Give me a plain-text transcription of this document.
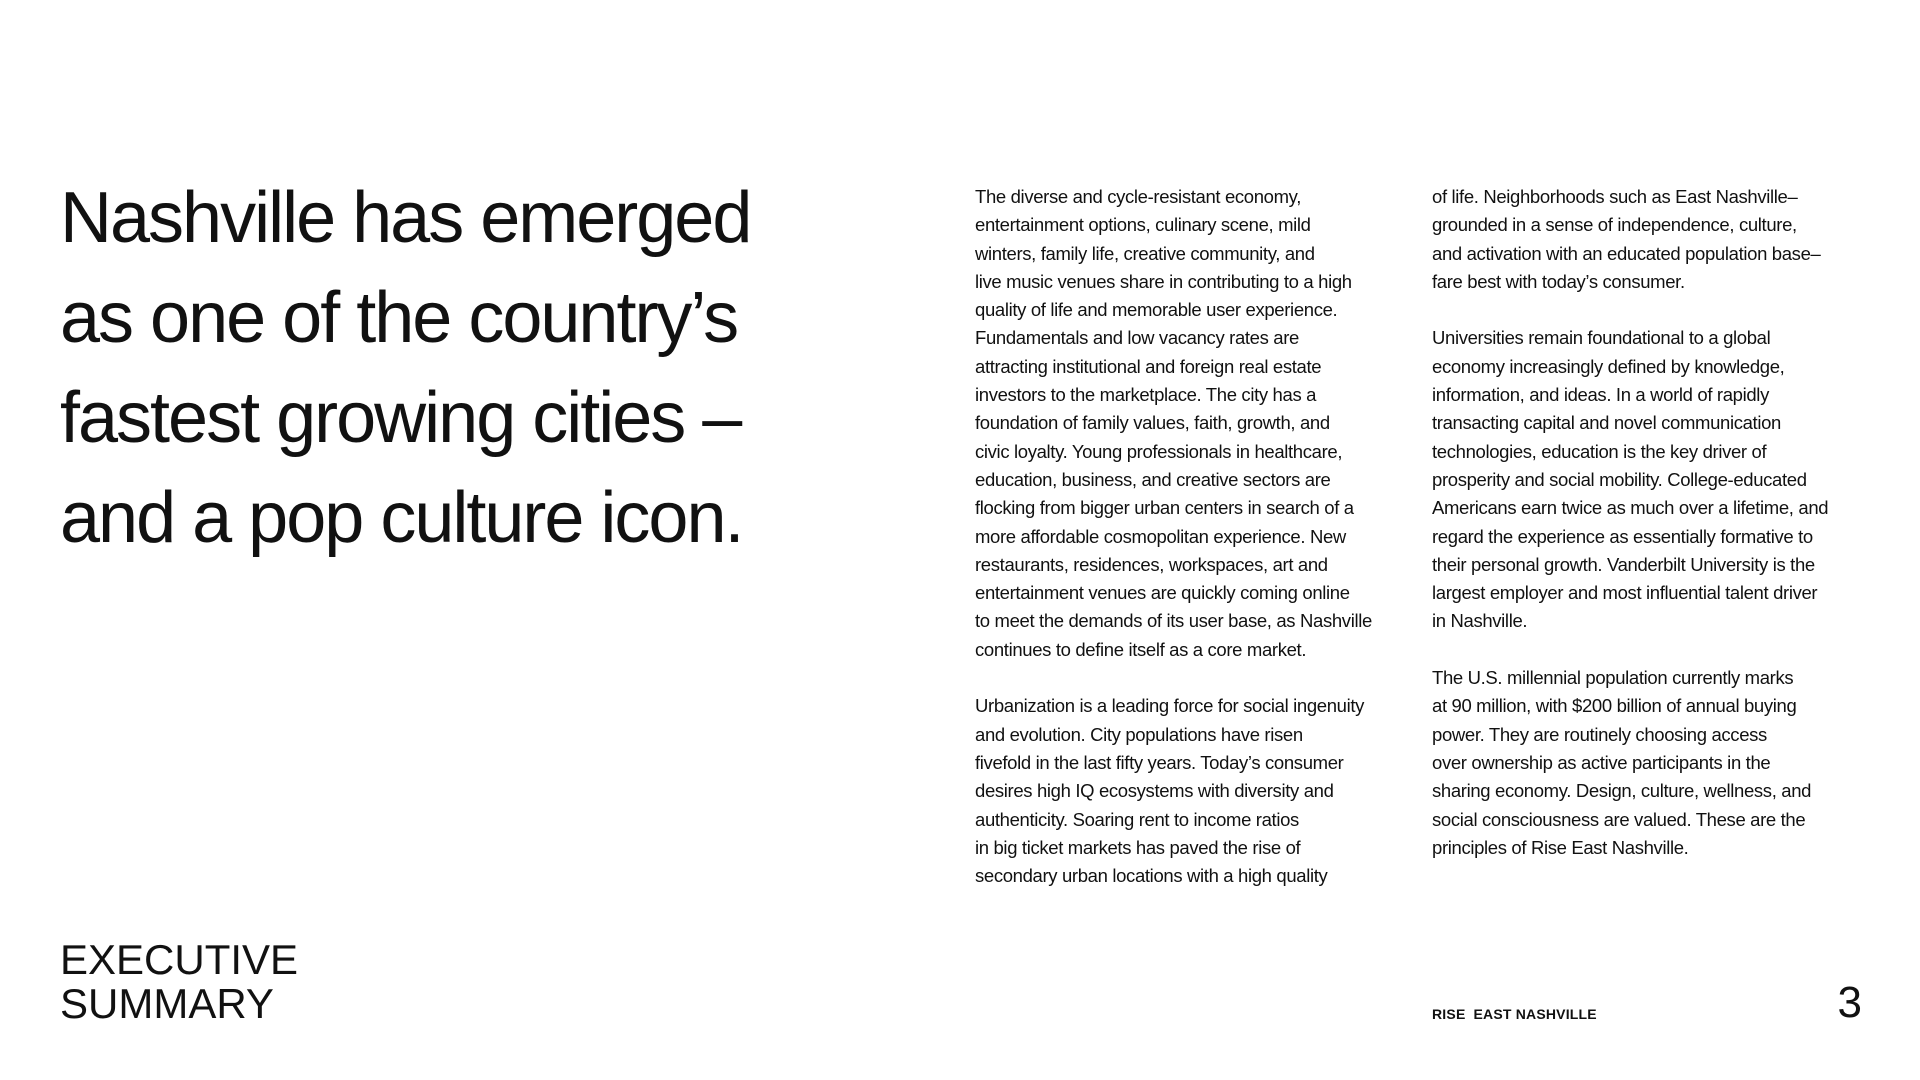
Nashville has emerged
as one of the country’s
fastest growing cities –
and a pop culture icon.

The diverse and cycle-resistant economy,
entertainment options, culinary scene, mild
winters, family life, creative community, and
live music venues share in contributing to a high
quality of life and memorable user experience.
Fundamentals and low vacancy rates are
attracting institutional and foreign real estate
investors to the marketplace. The city has a
foundation of family values, faith, growth, and
civic loyalty. Young professionals in healthcare,
education, business, and creative sectors are
flocking from bigger urban centers in search of a
more affordable cosmopolitan experience. New
restaurants, residences, workspaces, art and
entertainment venues are quickly coming online
to meet the demands of its user base, as Nashville
continues to define itself as a core market.

Urbanization is a leading force for social ingenuity
and evolution. City populations have risen
fivefold in the last fifty years. Today’s consumer
desires high IQ ecosystems with diversity and
authenticity. Soaring rent to income ratios
in big ticket markets has paved the rise of
secondary urban locations with a high quality

of life. Neighborhoods such as East Nashville–
grounded in a sense of independence, culture,
and activation with an educated population base–
fare best with today’s consumer.

Universities remain foundational to a global
economy increasingly defined by knowledge,
information, and ideas. In a world of rapidly
transacting capital and novel communication
technologies, education is the key driver of
prosperity and social mobility. College-educated
Americans earn twice as much over a lifetime, and
regard the experience as essentially formative to
their personal growth. Vanderbilt University is the
largest employer and most influential talent driver
in Nashville.

The U.S. millennial population currently marks
at 90 million, with $200 billion of annual buying
power. They are routinely choosing access
over ownership as active participants in the
sharing economy. Design, culture, wellness, and
social consciousness are valued. These are the
principles of Rise East Nashville.

EXECUTIVE
SUMMARY	RISE EAST NASHVILLE	3
